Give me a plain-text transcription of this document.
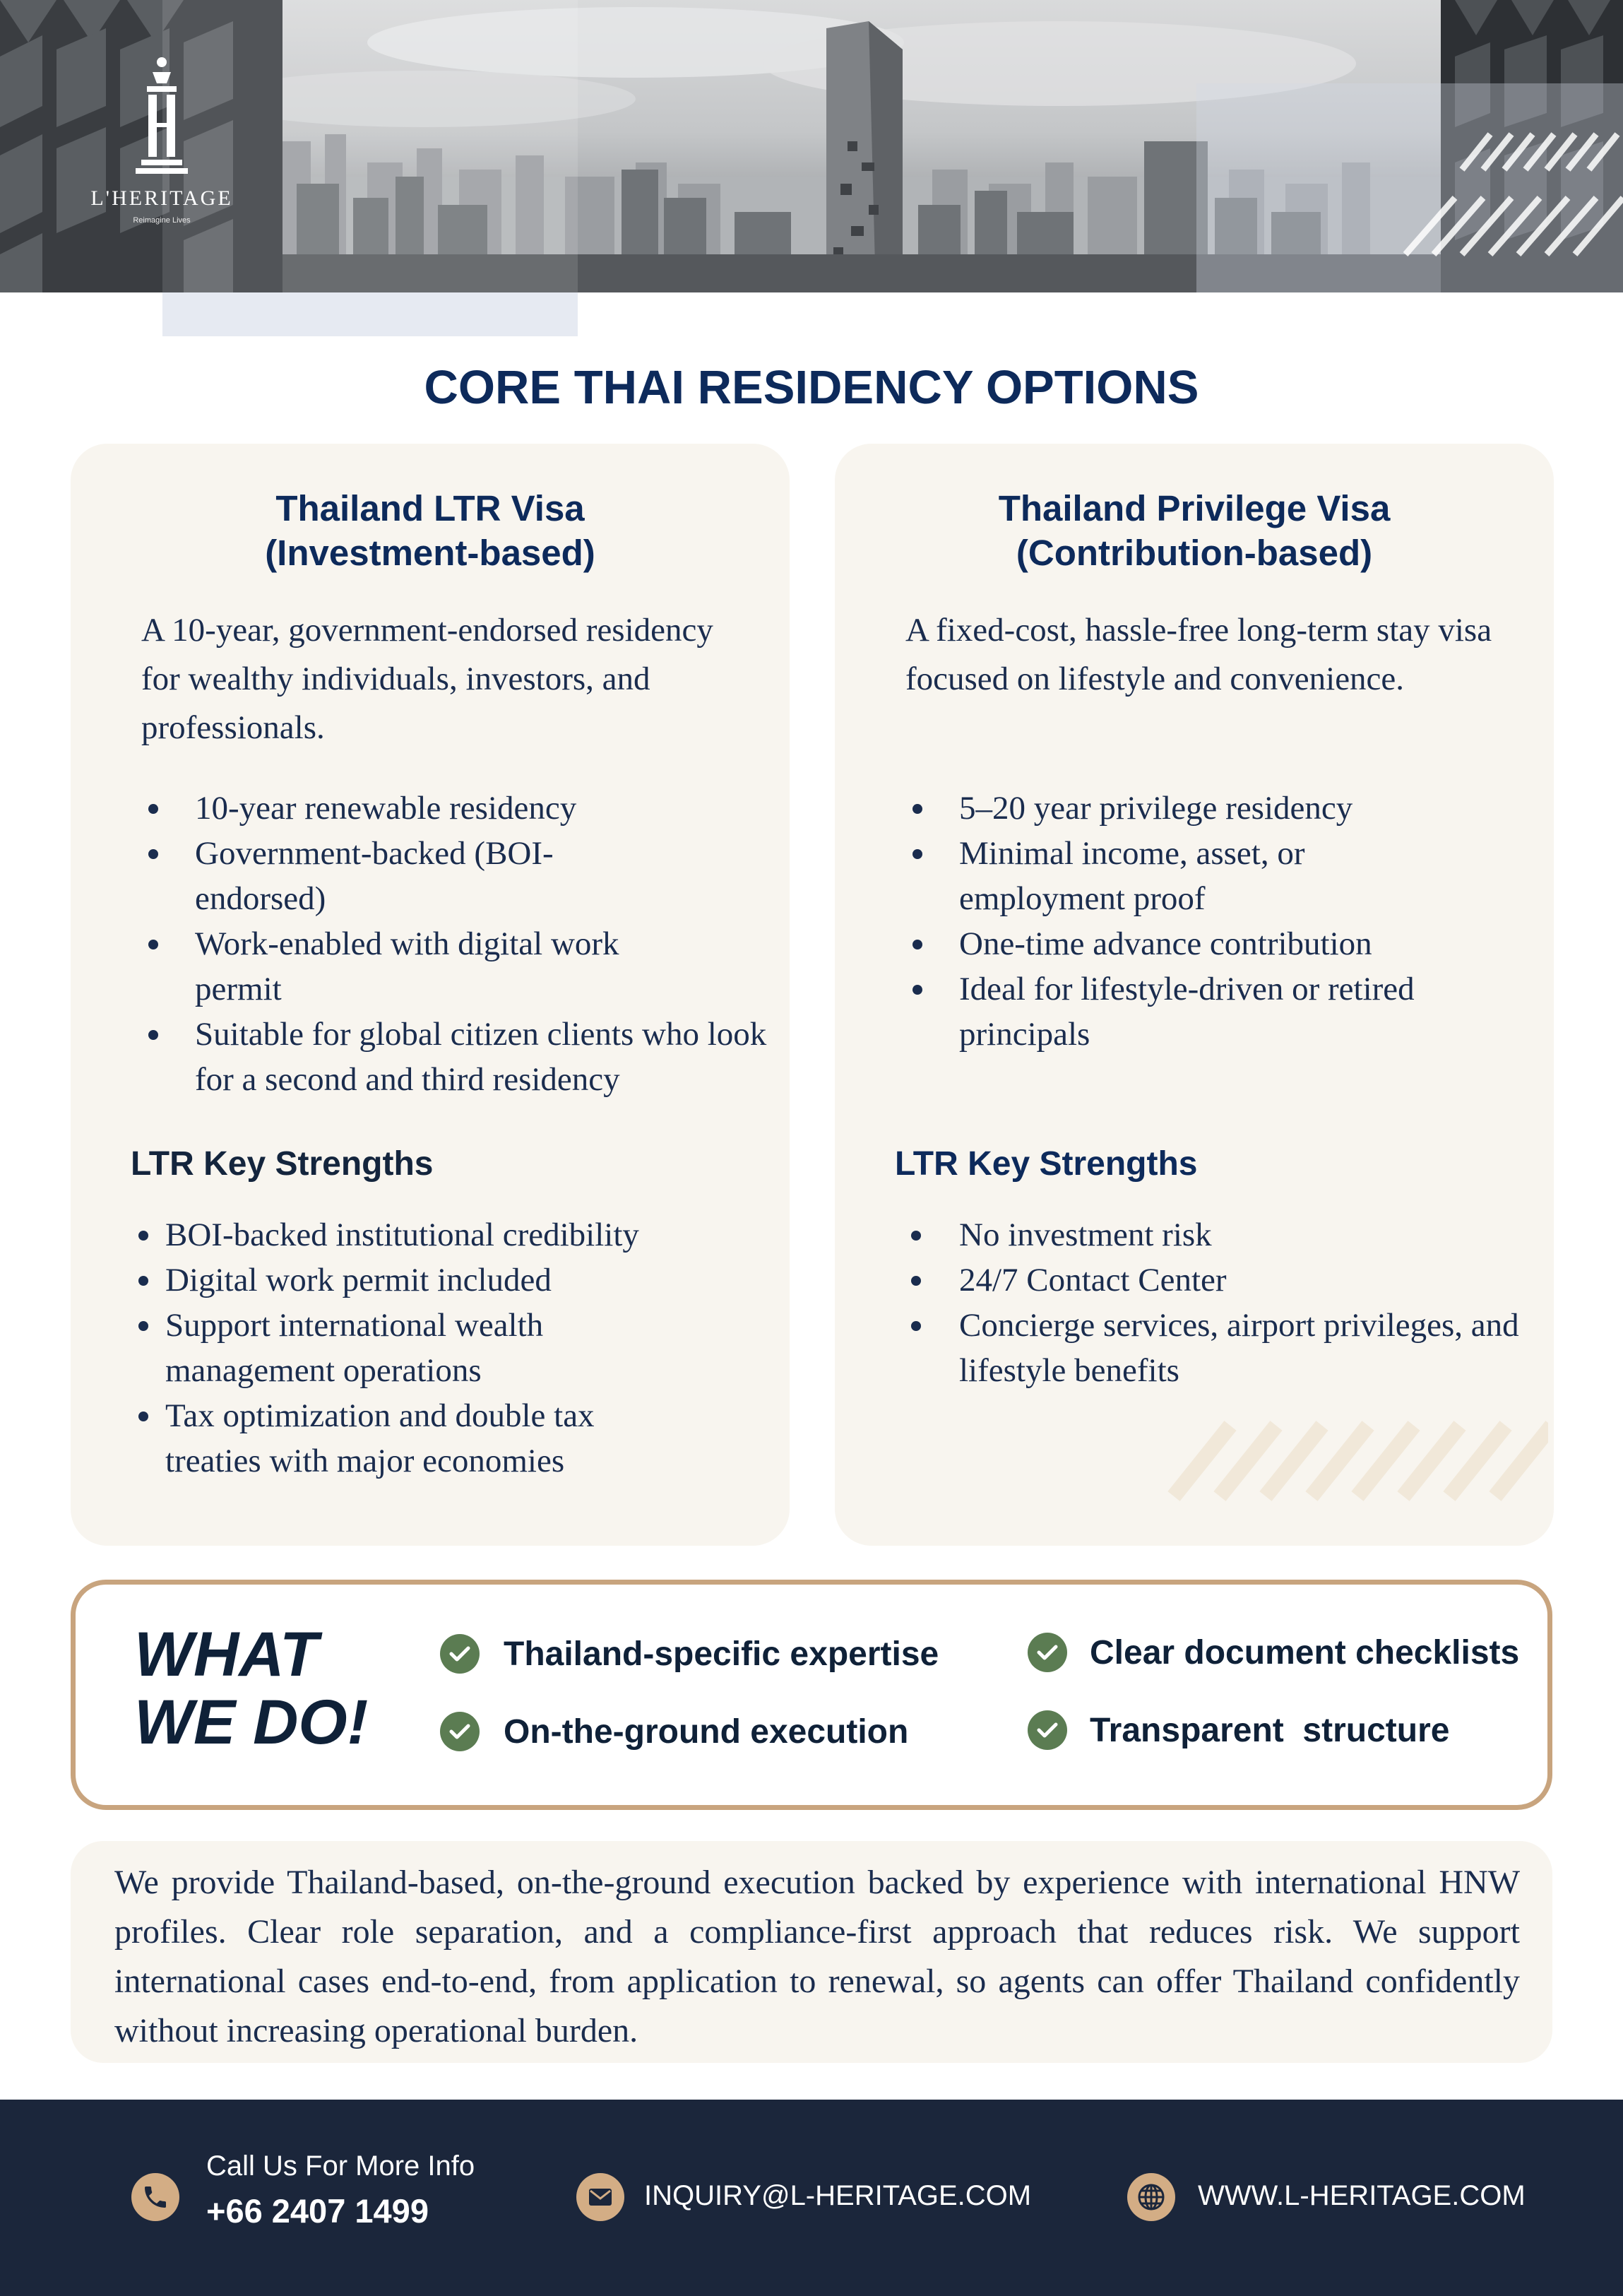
L'HERITAGE
Reimagine Lives
CORE THAI RESIDENCY OPTIONS
Thailand LTR Visa
(Investment-based)

A 10-year, government-endorsed residency for wealthy individuals, investors, and professionals.

10-year renewable residency
Government-backed (BOI-endorsed)
Work-enabled with digital work permit
Suitable for global citizen clients who look for a second and third residency
LTR Key Strengths
BOI-backed institutional credibility
Digital work permit included
Support international wealth management operations
Tax optimization and double tax treaties with major economies
Thailand Privilege Visa
(Contribution-based)

A fixed-cost, hassle-free long-term stay visa focused on lifestyle and convenience.

5–20 year privilege residency
Minimal income, asset, or employment proof
One-time advance contribution
Ideal for lifestyle-driven or retired principals
LTR Key Strengths
No investment risk
24/7 Contact Center
Concierge services, airport privileges, and lifestyle benefits
WHAT
WE DO!
Thailand-specific expertise	Clear document checklists
On-the-ground execution	Transparent  structure

We provide Thailand-based, on-the-ground execution backed by experience with international HNW profiles. Clear role separation, and a compliance-first approach that reduces risk. We support international cases end-to-end, from application to renewal, so agents can offer Thailand confidently without increasing operational burden.

Call Us For More Info
+66 2407 1499	INQUIRY@L-HERITAGE.COM	WWW.L-HERITAGE.COM
